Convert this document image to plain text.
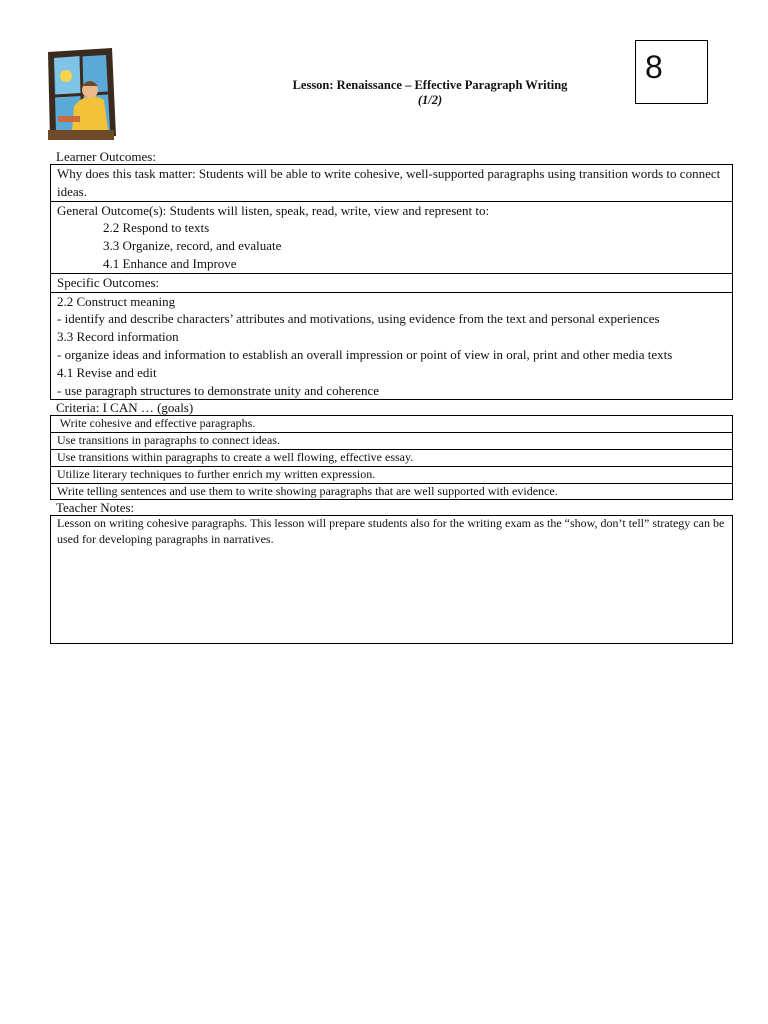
Lesson: Renaissance – Effective Paragraph Writing
(1/2)
8
Learner Outcomes:
Why does this task matter: Students will be able to write cohesive, well-supported paragraphs using transition words to connect ideas.
General Outcome(s): Students will listen, speak, read, write, view and represent to:
2.2 Respond to texts
3.3 Organize, record, and evaluate
4.1 Enhance and Improve
Specific Outcomes:
2.2 Construct meaning
- identify and describe characters’ attributes and motivations, using evidence from the text and personal experiences
3.3 Record information
- organize ideas and information to establish an overall impression or point of view in oral, print and other media texts
4.1 Revise and edit
- use paragraph structures to demonstrate unity and coherence
Criteria: I CAN … (goals)
Write cohesive and effective paragraphs.
Use transitions in paragraphs to connect ideas.
Use transitions within paragraphs to create a well flowing, effective essay.
Utilize literary techniques to further enrich my written expression.
Write telling sentences and use them to write showing paragraphs that are well supported with evidence.
Teacher Notes:
Lesson on writing cohesive paragraphs. This lesson will prepare students also for the writing exam as the “show, don’t tell” strategy can be used for developing paragraphs in narratives.
